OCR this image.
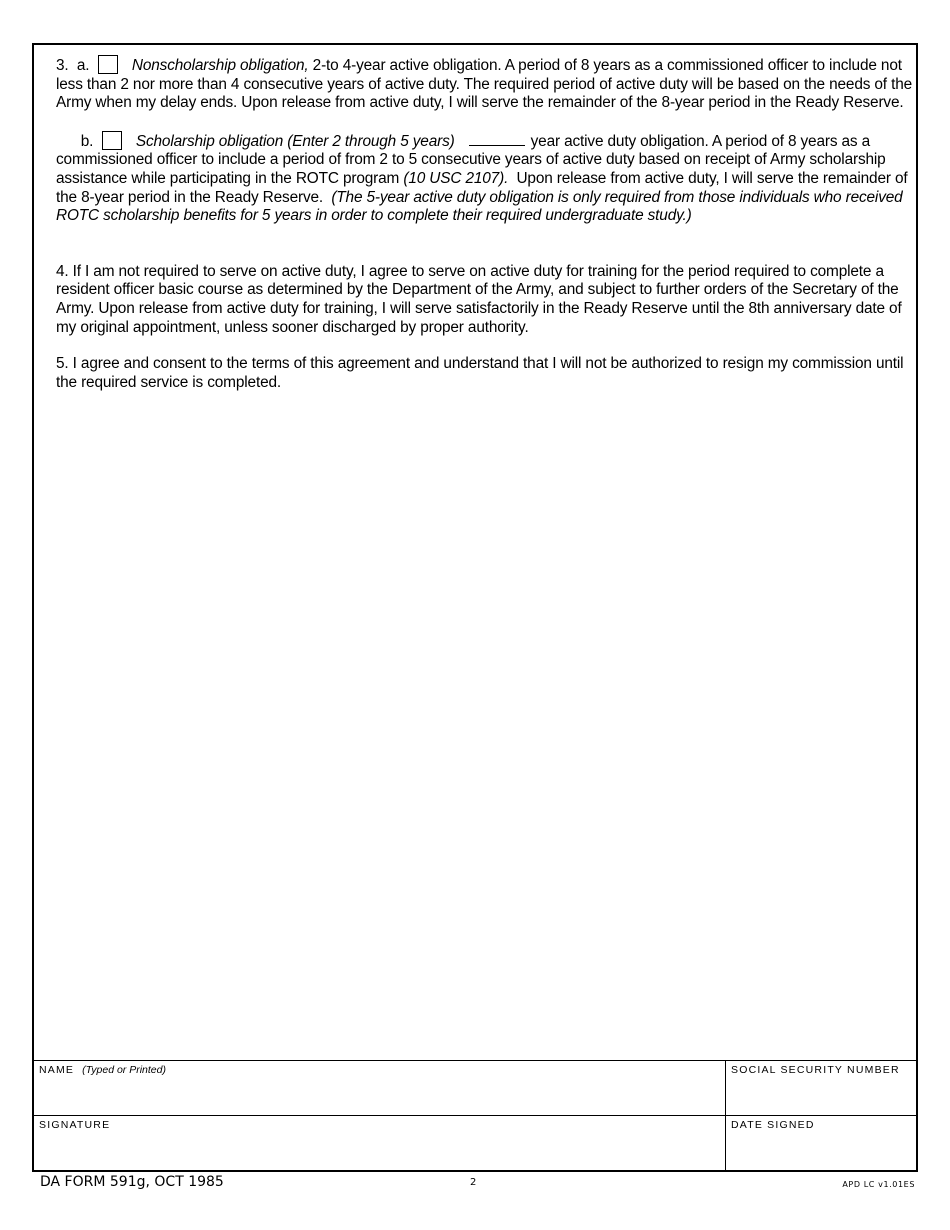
3. a.	Nonscholarship obligation, 2-to 4-year active obligation. A period of 8 years as a commissioned officer to include not less than 2 nor more than 4 consecutive years of active duty. The required period of active duty will be based on the needs of the Army when my delay ends. Upon release from active duty, I will serve the remainder of the 8-year period in the Ready Reserve.

b.	Scholarship obligation (Enter 2 through 5 years)	year active duty obligation. A period of 8 years as a commissioned officer to include a period of from 2 to 5 consecutive years of active duty based on receipt of Army scholarship assistance while participating in the ROTC program (10 USC 2107). Upon release from active duty, I will serve the remainder of the 8-year period in the Ready Reserve. (The 5-year active duty obligation is only required from those individuals who received ROTC scholarship benefits for 5 years in order to complete their required undergraduate study.)

4. If I am not required to serve on active duty, I agree to serve on active duty for training for the period required to complete a resident officer basic course as determined by the Department of the Army, and subject to further orders of the Secretary of the Army. Upon release from active duty for training, I will serve satisfactorily in the Ready Reserve until the 8th anniversary date of my original appointment, unless sooner discharged by proper authority.

5. I agree and consent to the terms of this agreement and understand that I will not be authorized to resign my commission until the required service is completed.

NAME (Typed or Printed)	SOCIAL SECURITY NUMBER
SIGNATURE	DATE SIGNED
DA FORM 591g, OCT 1985	2	APD LC v1.01ES
